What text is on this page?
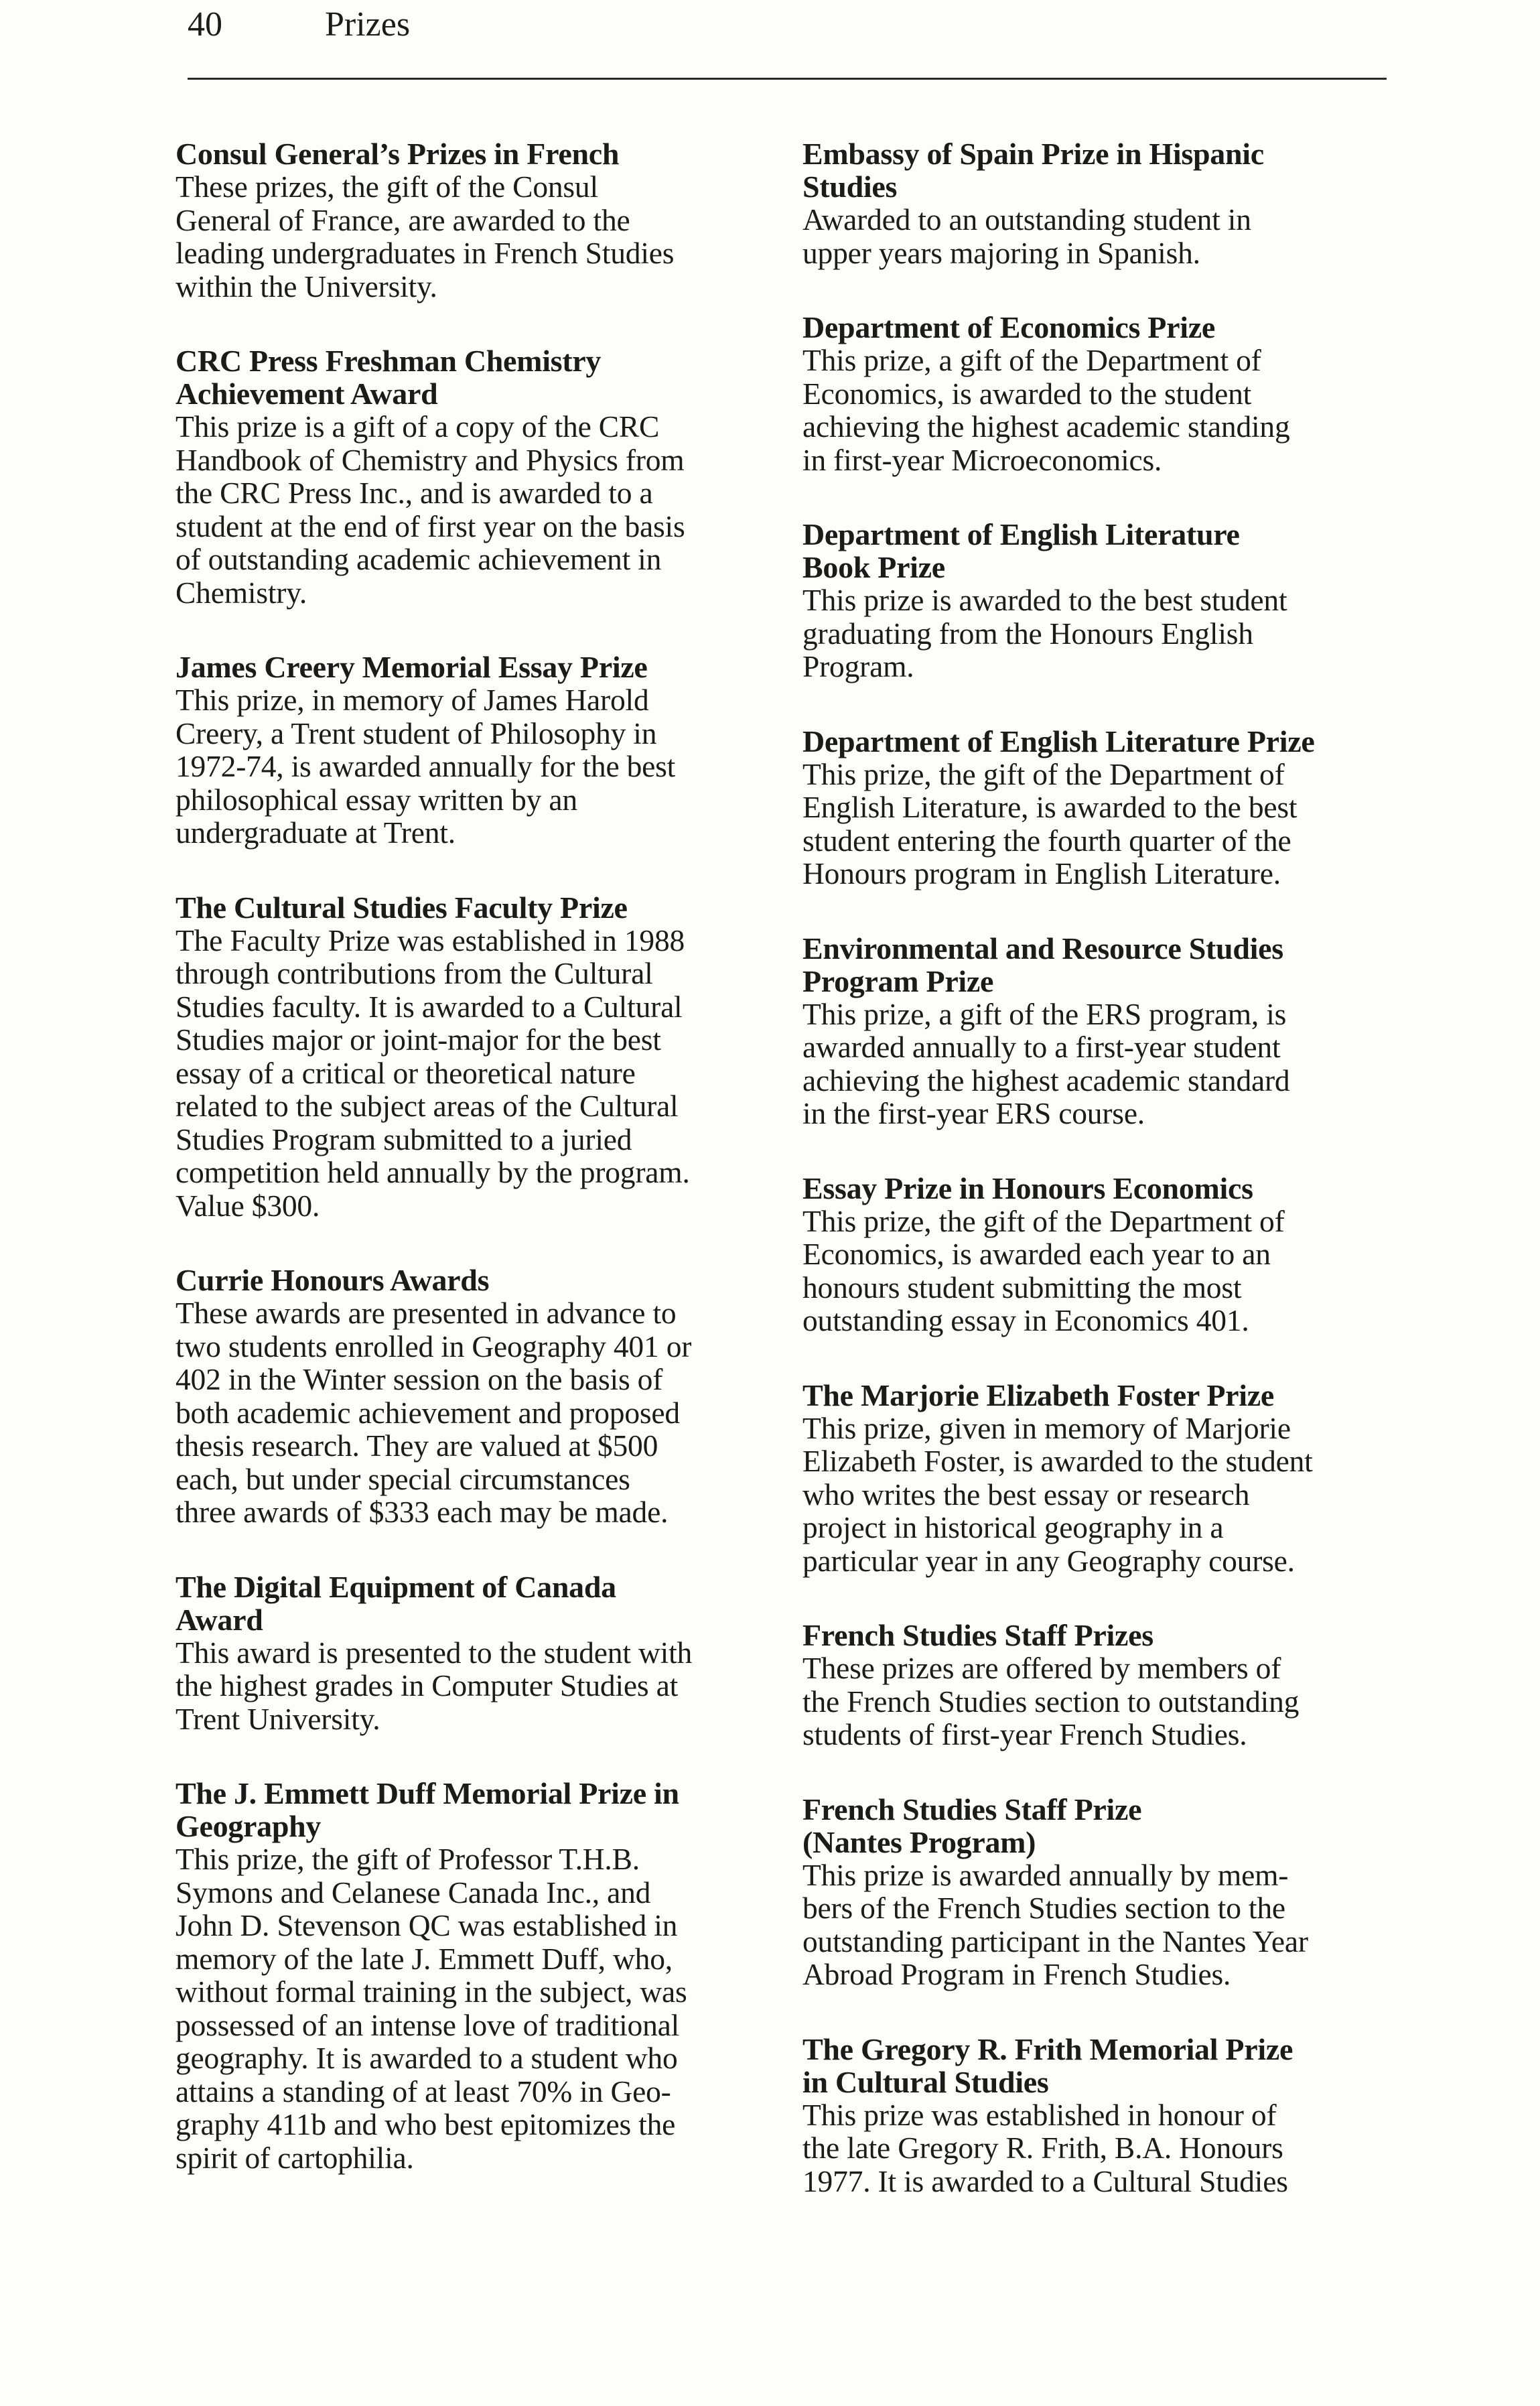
40	Prizes
Consul General’s Prizes in French
These prizes, the gift of the Consul
General of France, are awarded to the
leading undergraduates in French Studies
within the University.
CRC Press Freshman Chemistry
Achievement Award
This prize is a gift of a copy of the CRC
Handbook of Chemistry and Physics from
the CRC Press Inc., and is awarded to a
student at the end of first year on the basis
of outstanding academic achievement in
Chemistry.
James Creery Memorial Essay Prize
This prize, in memory of James Harold
Creery, a Trent student of Philosophy in
1972-74, is awarded annually for the best
philosophical essay written by an
undergraduate at Trent.
The Cultural Studies Faculty Prize
The Faculty Prize was established in 1988
through contributions from the Cultural
Studies faculty. It is awarded to a Cultural
Studies major or joint-major for the best
essay of a critical or theoretical nature
related to the subject areas of the Cultural
Studies Program submitted to a juried
competition held annually by the program.
Value $300.
Currie Honours Awards
These awards are presented in advance to
two students enrolled in Geography 401 or
402 in the Winter session on the basis of
both academic achievement and proposed
thesis research. They are valued at $500
each, but under special circumstances
three awards of $333 each may be made.
The Digital Equipment of Canada
Award
This award is presented to the student with
the highest grades in Computer Studies at
Trent University.
The J. Emmett Duff Memorial Prize in
Geography
This prize, the gift of Professor T.H.B.
Symons and Celanese Canada Inc., and
John D. Stevenson QC was established in
memory of the late J. Emmett Duff, who,
without formal training in the subject, was
possessed of an intense love of traditional
geography. It is awarded to a student who
attains a standing of at least 70% in Geo-
graphy 411b and who best epitomizes the
spirit of cartophilia.
Embassy of Spain Prize in Hispanic
Studies
Awarded to an outstanding student in
upper years majoring in Spanish.
Department of Economics Prize
This prize, a gift of the Department of
Economics, is awarded to the student
achieving the highest academic standing
in first-year Microeconomics.
Department of English Literature
Book Prize
This prize is awarded to the best student
graduating from the Honours English
Program.
Department of English Literature Prize
This prize, the gift of the Department of
English Literature, is awarded to the best
student entering the fourth quarter of the
Honours program in English Literature.
Environmental and Resource Studies
Program Prize
This prize, a gift of the ERS program, is
awarded annually to a first-year student
achieving the highest academic standard
in the first-year ERS course.
Essay Prize in Honours Economics
This prize, the gift of the Department of
Economics, is awarded each year to an
honours student submitting the most
outstanding essay in Economics 401.
The Marjorie Elizabeth Foster Prize
This prize, given in memory of Marjorie
Elizabeth Foster, is awarded to the student
who writes the best essay or research
project in historical geography in a
particular year in any Geography course.
French Studies Staff Prizes
These prizes are offered by members of
the French Studies section to outstanding
students of first-year French Studies.
French Studies Staff Prize
(Nantes Program)
This prize is awarded annually by mem-
bers of the French Studies section to the
outstanding participant in the Nantes Year
Abroad Program in French Studies.
The Gregory R. Frith Memorial Prize
in Cultural Studies
This prize was established in honour of
the late Gregory R. Frith, B.A. Honours
1977. It is awarded to a Cultural Studies
